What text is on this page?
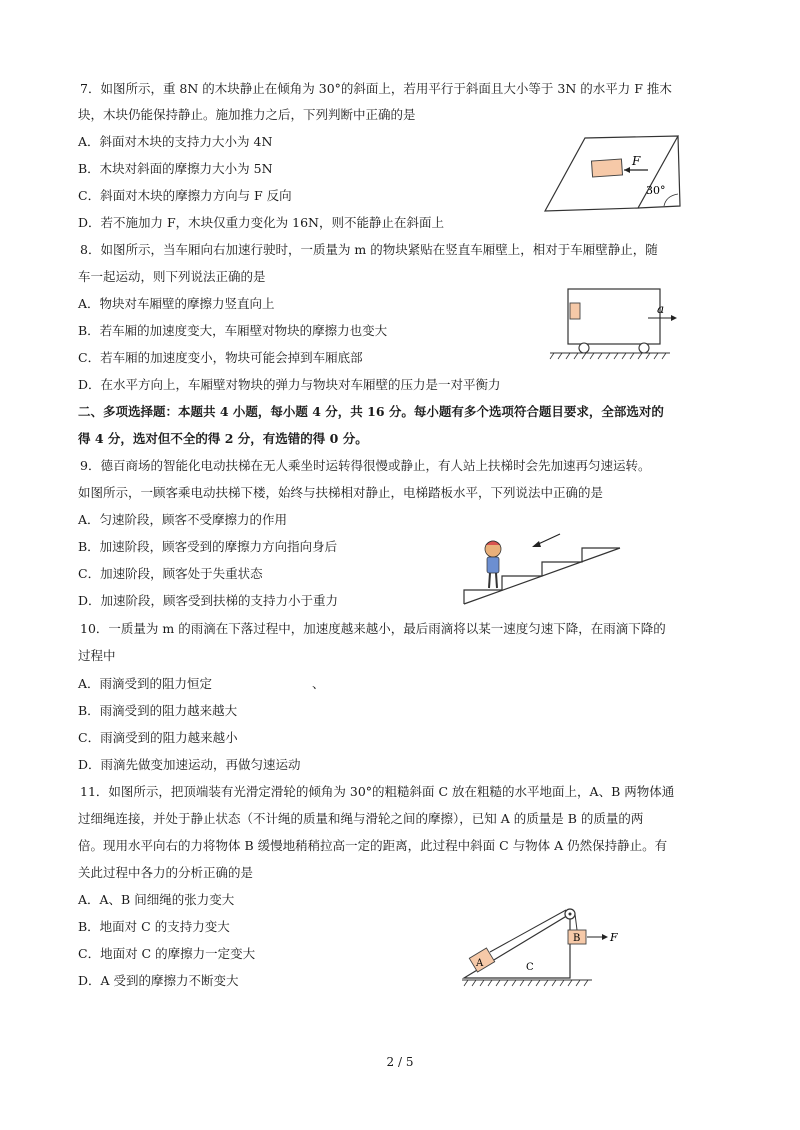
7．如图所示，重 8N 的木块静止在倾角为 30°的斜面上，若用平行于斜面且大小等于 3N 的水平力 F 推木
块，木块仍能保持静止。施加推力之后，下列判断中正确的是
A．斜面对木块的支持力大小为 4N
B．木块对斜面的摩擦力大小为 5N
C．斜面对木块的摩擦力方向与 F 反向
D．若不施加力 F，木块仅重力变化为 16N，则不能静止在斜面上
F
30°
8．如图所示，当车厢向右加速行驶时，一质量为 m 的物块紧贴在竖直车厢壁上，相对于车厢壁静止，随
车一起运动，则下列说法正确的是
A．物块对车厢壁的摩擦力竖直向上
B．若车厢的加速度变大，车厢壁对物块的摩擦力也变大
C．若车厢的加速度变小，物块可能会掉到车厢底部
D．在水平方向上，车厢壁对物块的弹力与物块对车厢壁的压力是一对平衡力
a
二、多项选择题：本题共 4 小题，每小题 4 分，共 16 分。每小题有多个选项符合题目要求，全部选对的
得 4 分，选对但不全的得 2 分，有选错的得 0 分。
9．德百商场的智能化电动扶梯在无人乘坐时运转得很慢或静止，有人站上扶梯时会先加速再匀速运转。
如图所示，一顾客乘电动扶梯下楼，始终与扶梯相对静止，电梯踏板水平，下列说法中正确的是
A．匀速阶段，顾客不受摩擦力的作用
B．加速阶段，顾客受到的摩擦力方向指向身后
C．加速阶段，顾客处于失重状态
D．加速阶段，顾客受到扶梯的支持力小于重力
10．一质量为 m 的雨滴在下落过程中，加速度越来越小，最后雨滴将以某一速度匀速下降，在雨滴下降的
过程中
A．雨滴受到的阻力恒定	、
B．雨滴受到的阻力越来越大
C．雨滴受到的阻力越来越小
D．雨滴先做变加速运动，再做匀速运动
11．如图所示，把顶端装有光滑定滑轮的倾角为 30°的粗糙斜面 C 放在粗糙的水平地面上，A、B 两物体通
过细绳连接，并处于静止状态（不计绳的质量和绳与滑轮之间的摩擦），已知 A 的质量是 B 的质量的两
倍。现用水平向右的力将物体 B 缓慢地稍稍拉高一定的距离，此过程中斜面 C 与物体 A 仍然保持静止。有
关此过程中各力的分析正确的是
A．A、B 间细绳的张力变大
B．地面对 C 的支持力变大
C．地面对 C 的摩擦力一定变大
D．A 受到的摩擦力不断变大
A
B	F
C
2 / 5
